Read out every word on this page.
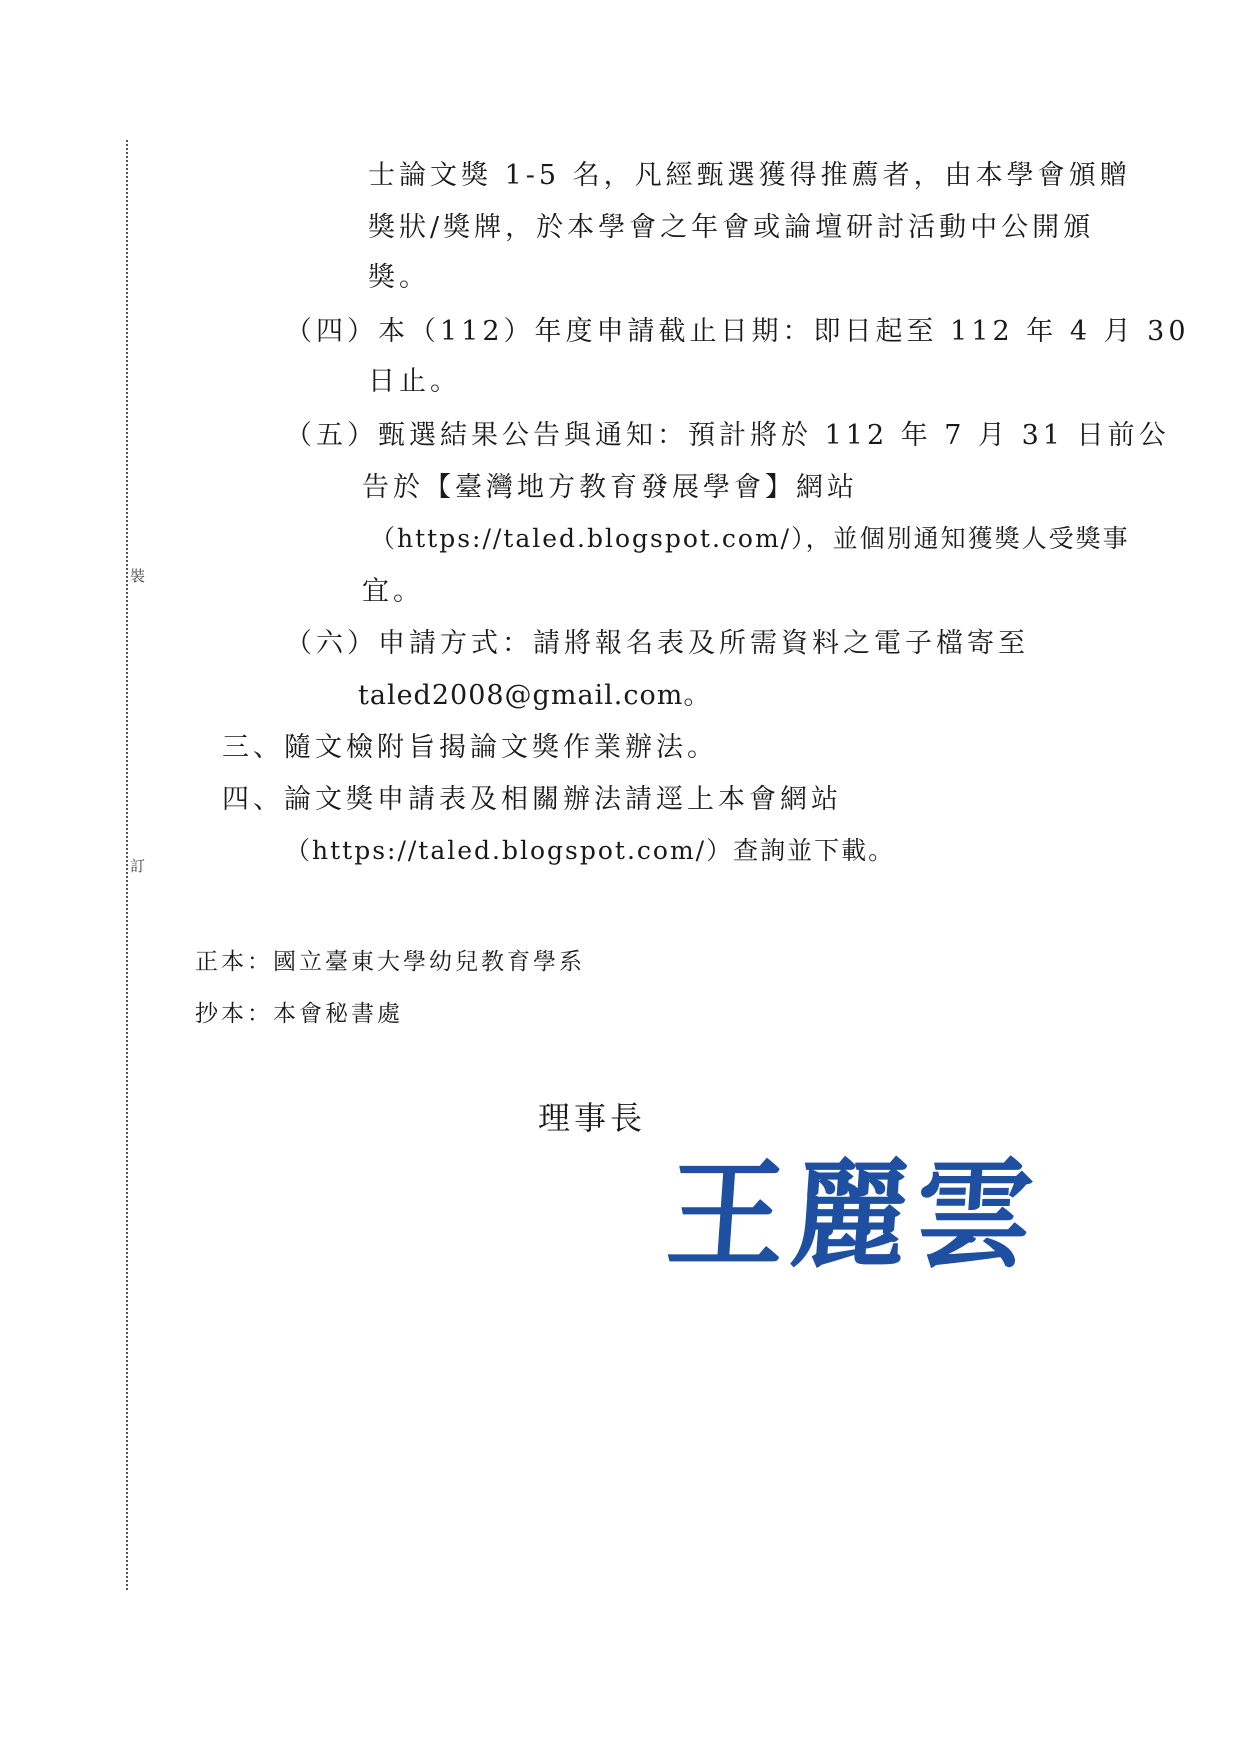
裝
訂
士論文獎 1-5 名，凡經甄選獲得推薦者，由本學會頒贈
獎狀/獎牌，於本學會之年會或論壇研討活動中公開頒
獎。
（四）本（112）年度申請截止日期：即日起至 112 年 4 月 30
日止。
（五）甄選結果公告與通知：預計將於 112 年 7 月 31 日前公
告於【臺灣地方教育發展學會】網站
（https://taled.blogspot.com/），並個別通知獲獎人受獎事
宜。
（六）申請方式：請將報名表及所需資料之電子檔寄至
taled2008@gmail.com。
三、隨文檢附旨揭論文獎作業辦法。
四、論文獎申請表及相關辦法請逕上本會網站
（https://taled.blogspot.com/）查詢並下載。
正本：國立臺東大學幼兒教育學系
抄本：本會秘書處
理事長
王麗雲
